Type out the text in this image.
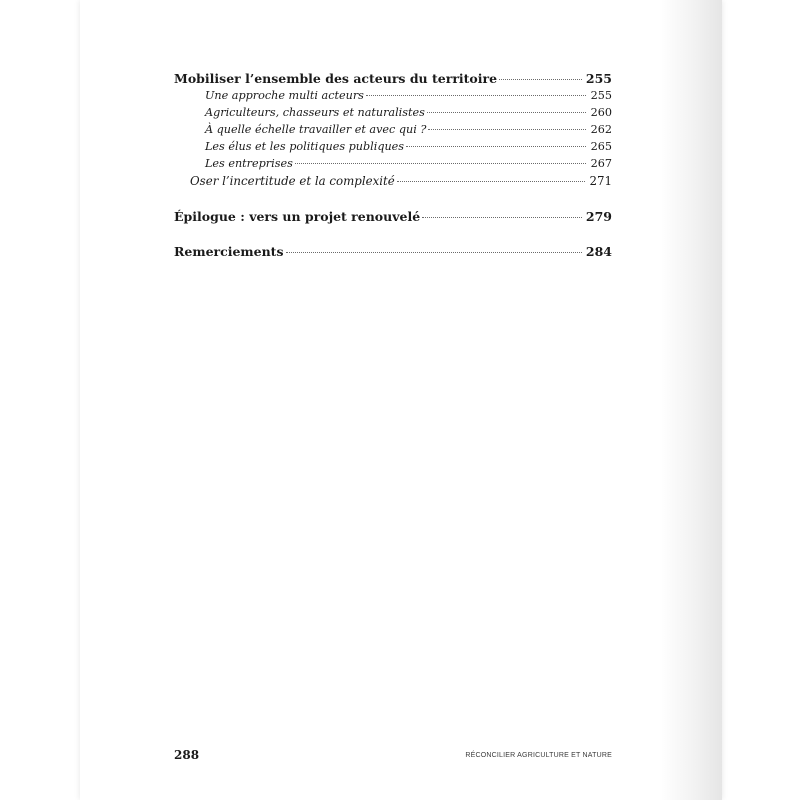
Mobiliser l’ensemble des acteurs du territoire	255
Une approche multi acteurs	255
Agriculteurs, chasseurs et naturalistes	260
À quelle échelle travailler et avec qui ?	262
Les élus et les politiques publiques	265
Les entreprises	267
Oser l’incertitude et la complexité	271
Épilogue : vers un projet renouvelé	279
Remerciements	284
288	RÉCONCILIER AGRICULTURE ET NATURE
